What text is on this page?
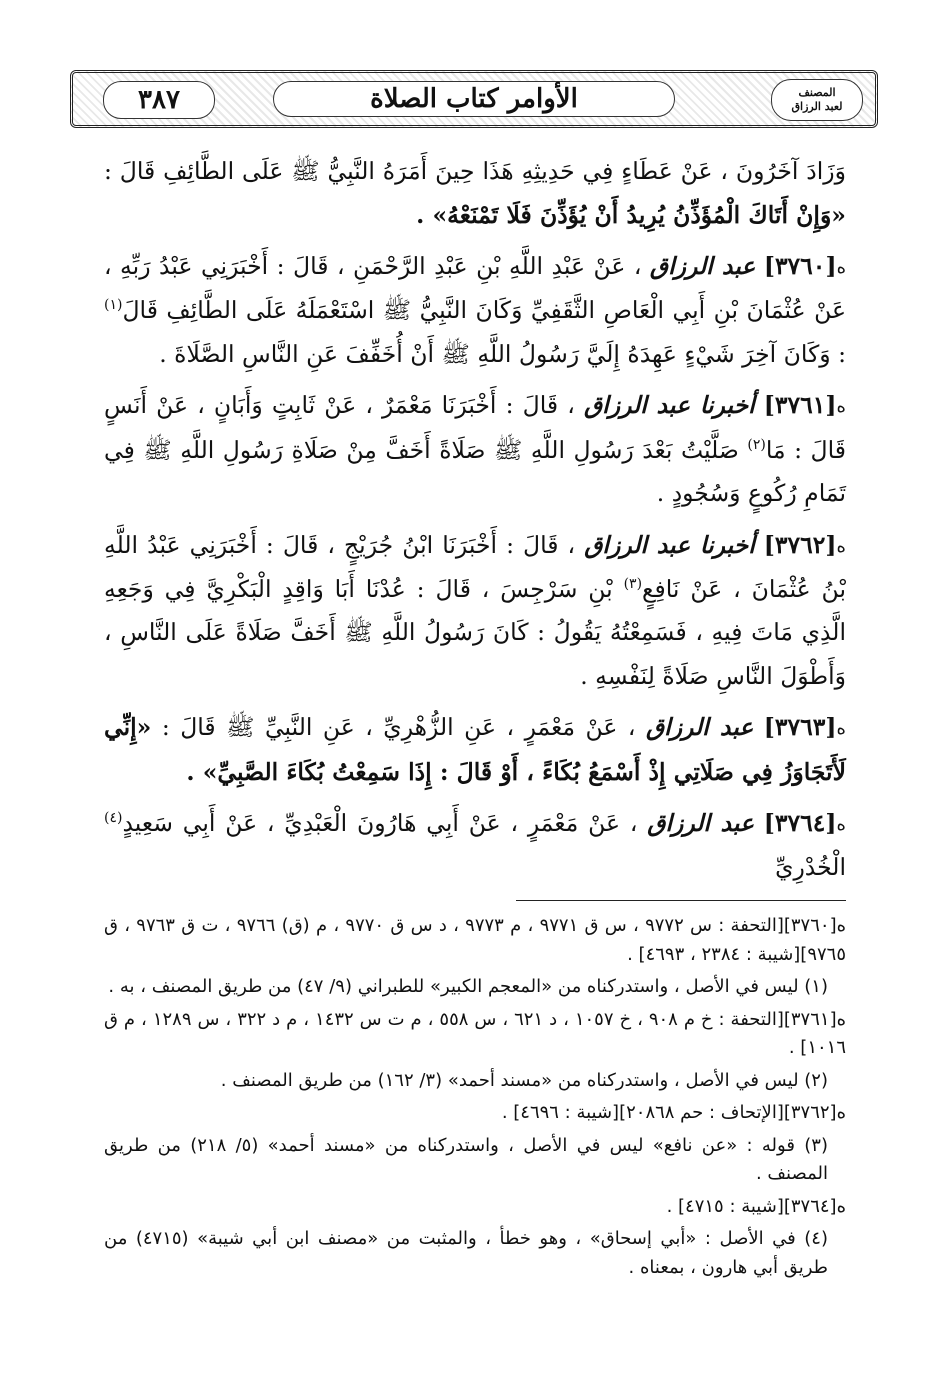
٣٨٧	الأوامر كتاب الصلاة	المصنف
لعبد الرزاق

وَزَادَ آخَرُونَ ، عَنْ عَطَاءٍ فِي حَدِيثِهِ هَذَا حِينَ أَمَرَهُ النَّبِيُّ ﷺ عَلَى الطَّائِفِ قَالَ : «وَإِنْ أَتَاكَ الْمُؤَذِّنُ يُرِيدُ أَنْ يُؤَذِّنَ فَلَا تَمْنَعْهُ» .

ه[٣٧٦٠] عبد الرزاق ، عَنْ عَبْدِ اللَّهِ بْنِ عَبْدِ الرَّحْمَنِ ، قَالَ : أَخْبَرَنِي عَبْدُ رَبِّهِ ، عَنْ عُثْمَانَ بْنِ أَبِي الْعَاصِ الثَّقَفِيِّ وَكَانَ النَّبِيُّ ﷺ اسْتَعْمَلَهُ عَلَى الطَّائِفِ قَالَ$^{(١)}$ : وَكَانَ آخِرَ شَيْءٍ عَهِدَهُ إِلَيَّ رَسُولُ اللَّهِ ﷺ أَنْ أُخَفِّفَ عَنِ النَّاسِ الصَّلَاةَ .

ه[٣٧٦١] أخبرنا عبد الرزاق ، قَالَ : أَخْبَرَنَا مَعْمَرٌ ، عَنْ ثَابِتٍ وَأَبَانٍ ، عَنْ أَنَسٍ قَالَ : مَا$^{(٢)}$ صَلَّيْتُ بَعْدَ رَسُولِ اللَّهِ ﷺ صَلَاةً أَخَفَّ مِنْ صَلَاةِ رَسُولِ اللَّهِ ﷺ فِي تَمَامِ رُكُوعٍ وَسُجُودٍ .

ه[٣٧٦٢] أخبرنا عبد الرزاق ، قَالَ : أَخْبَرَنَا ابْنُ جُرَيْجٍ ، قَالَ : أَخْبَرَنِي عَبْدُ اللَّهِ بْنُ عُثْمَانَ ، عَنْ نَافِعٍ$^{(٣)}$ بْنِ سَرْجِسَ ، قَالَ : عُدْنَا أَبَا وَاقِدٍ الْبَكْرِيَّ فِي وَجَعِهِ الَّذِي مَاتَ فِيهِ ، فَسَمِعْتُهُ يَقُولُ : كَانَ رَسُولُ اللَّهِ ﷺ أَخَفَّ صَلَاةً عَلَى النَّاسِ ، وَأَطْوَلَ النَّاسِ صَلَاةً لِنَفْسِهِ .

ه[٣٧٦٣] عبد الرزاق ، عَنْ مَعْمَرٍ ، عَنِ الزُّهْرِيِّ ، عَنِ النَّبِيِّ ﷺ قَالَ : «إِنِّي لَأَتَجَاوَزُ فِي صَلَاتِي إِذْ أَسْمَعُ بُكَاءً ، أَوْ قَالَ : إِذَا سَمِعْتُ بُكَاءَ الصَّبِيِّ» .

ه[٣٧٦٤] عبد الرزاق ، عَنْ مَعْمَرٍ ، عَنْ أَبِي هَارُونَ الْعَبْدِيِّ ، عَنْ أَبِي سَعِيدٍ$^{(٤)}$ الْخُدْرِيِّ

ه[٣٧٦٠][التحفة : س ٩٧٧٢ ، س ق ٩٧٧١ ، م ٩٧٧٣ ، د س ق ٩٧٧٠ ، م (ق) ٩٧٦٦ ، ت ق ٩٧٦٣ ، ق ٩٧٦٥][شيبة : ٢٣٨٤ ، ٤٦٩٣] .

(١) ليس في الأصل ، واستدركناه من «المعجم الكبير» للطبراني (٩/ ٤٧) من طريق المصنف ، به .

ه[٣٧٦١][التحفة : خ م ٩٠٨ ، خ ١٠٥٧ ، د ٦٢١ ، س ٥٥٨ ، م ت س ١٤٣٢ ، م د ٣٢٢ ، س ١٢٨٩ ، م ق ١٠١٦] .

(٢) ليس في الأصل ، واستدركناه من «مسند أحمد» (٣/ ١٦٢) من طريق المصنف .

ه[٣٧٦٢][الإتحاف : حم ٢٠٨٦٨][شيبة : ٤٦٩٦] .

(٣) قوله : «عن نافع» ليس في الأصل ، واستدركناه من «مسند أحمد» (٥/ ٢١٨) من طريق المصنف .

ه[٣٧٦٤][شيبة : ٤٧١٥] .

(٤) في الأصل : «أبي إسحاق» ، وهو خطأ ، والمثبت من «مصنف ابن أبي شيبة» (٤٧١٥) من طريق أبي هارون ، بمعناه .
